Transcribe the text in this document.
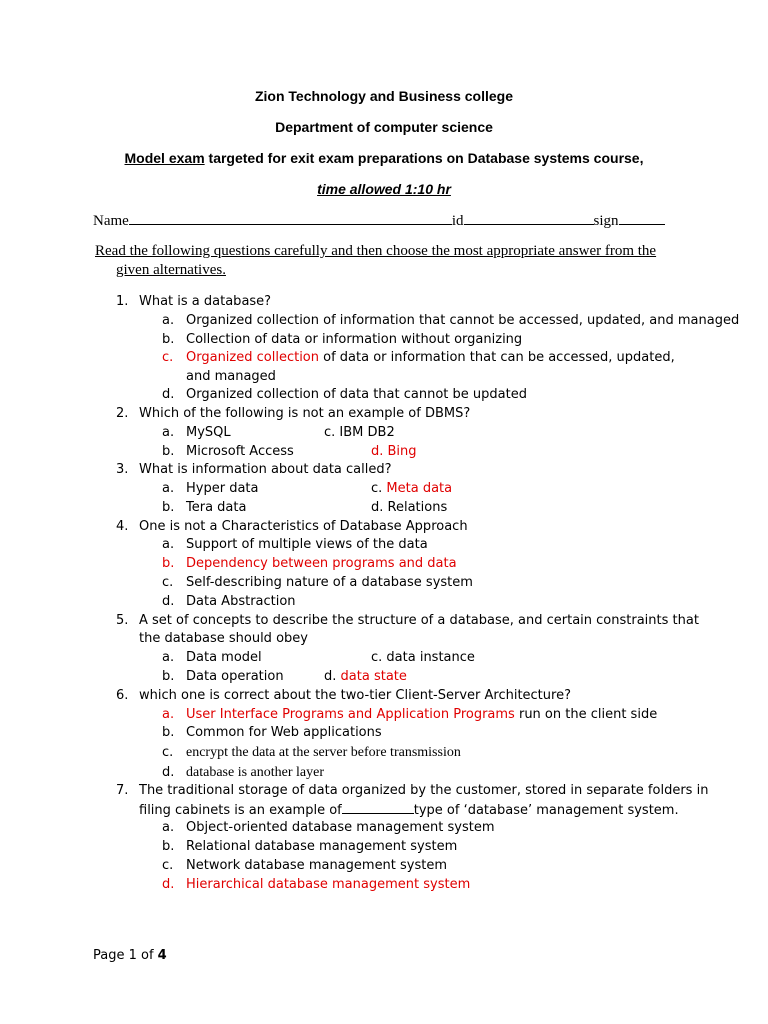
Zion Technology and Business college
Department of computer science
Model exam targeted for exit exam preparations on Database systems course,
time allowed 1:10 hr
Name	id	sign
Read the following questions carefully and then choose the most appropriate answer from the
given alternatives.
1. What is a database?
a. Organized collection of information that cannot be accessed, updated, and managed
b. Collection of data or information without organizing
c. Organized collection of data or information that can be accessed, updated,
and managed
d. Organized collection of data that cannot be updated
2. Which of the following is not an example of DBMS?
a. MySQL	c. IBM DB2
b. Microsoft Access	d. Bing
3. What is information about data called?
a. Hyper data	c. Meta data
b. Tera data	d. Relations
4. One is not a Characteristics of Database Approach
a. Support of multiple views of the data
b. Dependency between programs and data
c. Self-describing nature of a database system
d. Data Abstraction
5. A set of concepts to describe the structure of a database, and certain constraints that
the database should obey
a. Data model	c. data instance
b. Data operation	d. data state
6. which one is correct about the two-tier Client-Server Architecture?
a. User Interface Programs and Application Programs run on the client side
b. Common for Web applications
c. encrypt the data at the server before transmission
d. database is another layer
7. The traditional storage of data organized by the customer, stored in separate folders in
filing cabinets is an example of	type of ‘database’ management system.
a. Object-oriented database management system
b. Relational database management system
c. Network database management system
d. Hierarchical database management system
Page 1 of 4
